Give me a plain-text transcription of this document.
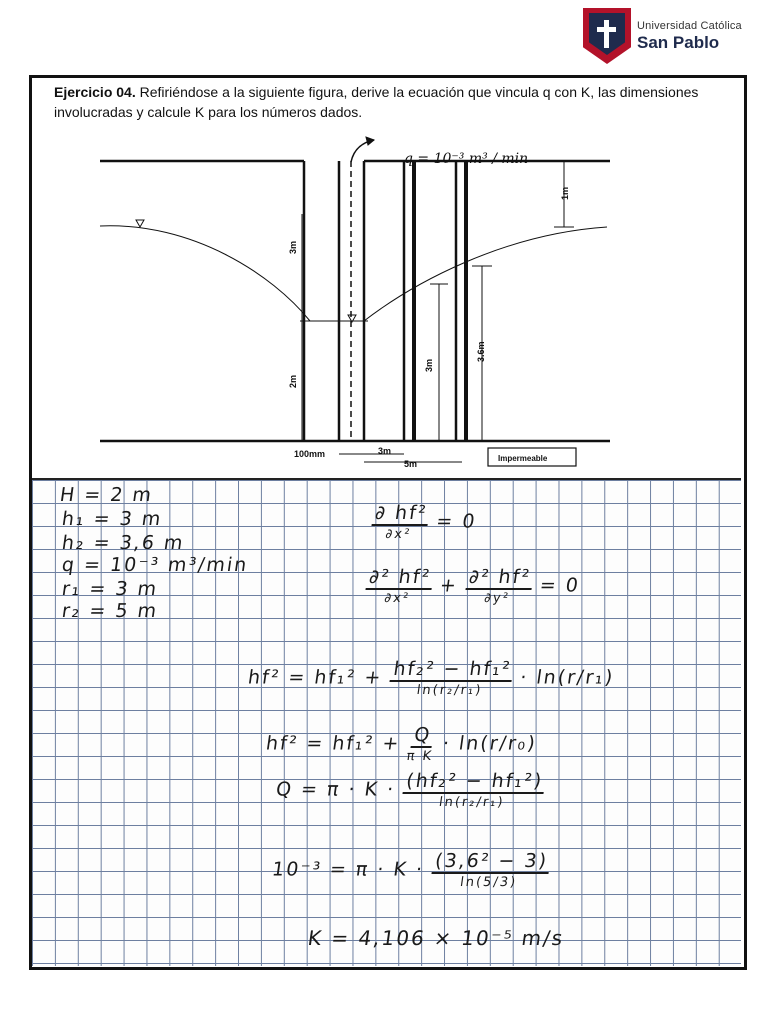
Universidad Católica
San Pablo
Ejercicio 04. Refiriéndose a la siguiente figura, derive la ecuación que vincula q con K, las dimensiones involucradas y calcule K para los números dados.
q = 10⁻³ m³ / min
1m
3m
2m
3m
3.6m
100mm	3m
5m
Impermeable
H = 2 m
h₁ = 3 m
h₂ = 3,6 m
q = 10⁻³ m³/min
r₁ = 3 m
r₂ = 5 m
$\frac{\text{∂ hf²}}{\text{∂x²}} = 0$
$\frac{\text{∂² hf²}}{\text{∂x²}} + \frac{\text{∂² hf²}}{\text{∂y²}} = 0$
$hf^2 = hf_1^2 + \frac{\text{hf₂² − hf₁²}}{\text{ln(r₂/r₁)}} \cdot \ln(r/r_1)$
$hf^2 = hf_1^2 + \frac{Q}{\text{π K}} \cdot \ln(r/r_0)$
$Q = \pi \cdot K \cdot \frac{\text{(hf₂² − hf₁²)}}{\text{ln(r₂/r₁)}}$
$10^{-3} = \pi \cdot K \cdot \frac{\text{(3,6² − 3)}}{\ln(5/3)}$
K = 4,106 × 10⁻⁵ m/s
